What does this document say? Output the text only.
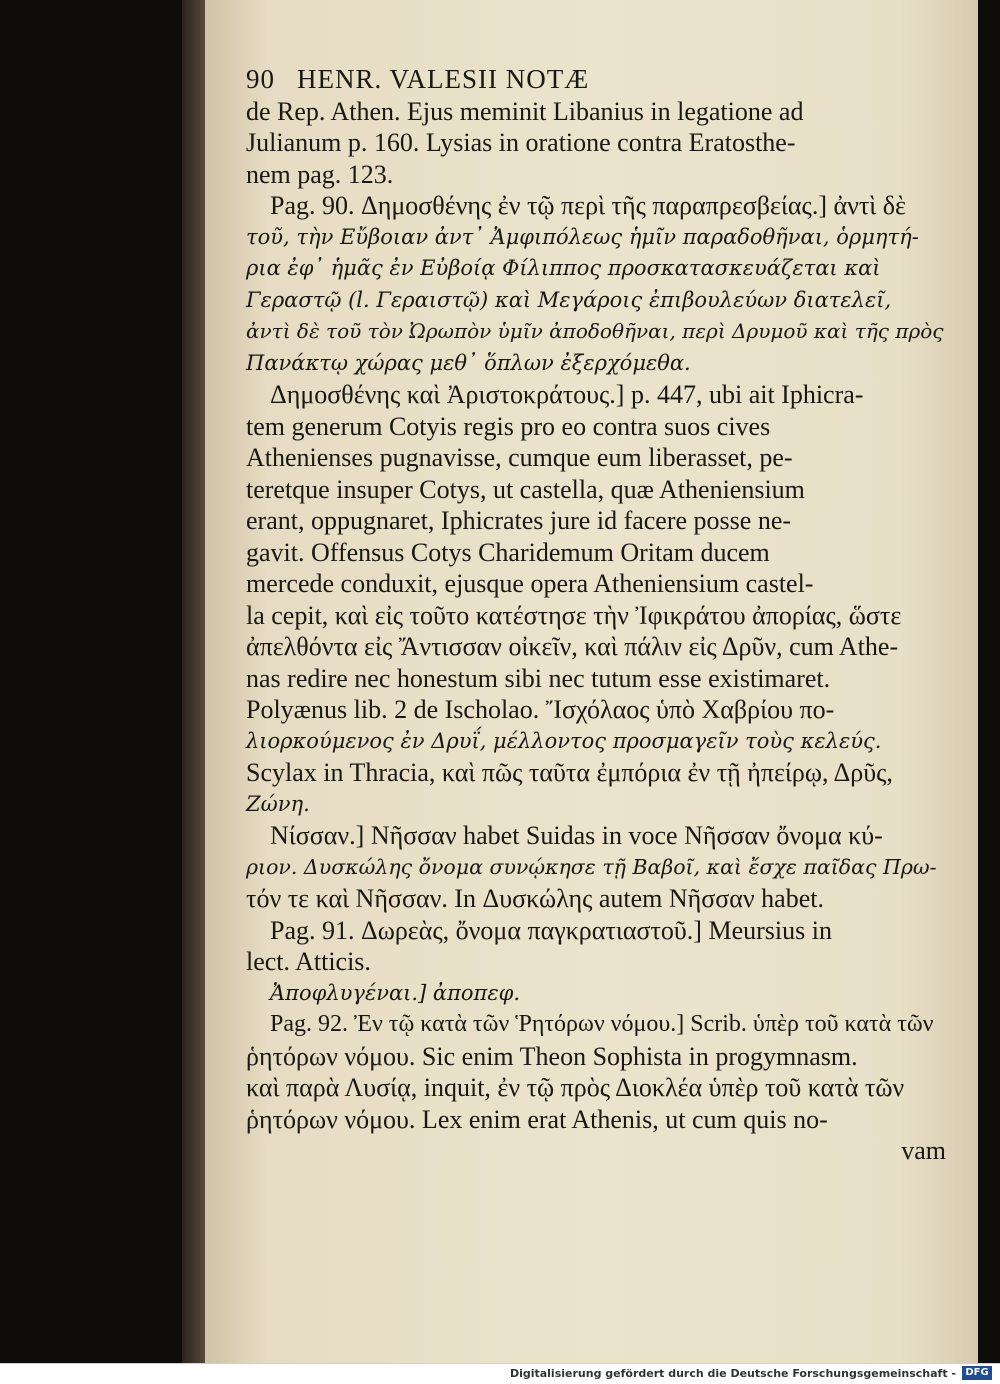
90 HENR. VALESII NOTÆ
de Rep. Athen. Ejus meminit Libanius in legatione ad
Julianum p. 160. Lysias in oratione contra Eratosthe-
nem pag. 123.
Pag. 90. Δημοσθένης ἐν τῷ περὶ τῆς παραπρεσβείας.] ἀντὶ δὲ
τοῦ, τὴν Εὔβοιαν ἀντ᾽ Ἀμφιπόλεως ἡμῖν παραδοθῆναι, ὁρμητή-
ρια ἐφ᾽ ἡμᾶς ἐν Εὐβοίᾳ Φίλιππος προσκατασκευάζεται καὶ
Γεραστῷ (l. Γεραιστῷ) καὶ Μεγάροις ἐπιβουλεύων διατελεῖ,
ἀντὶ δὲ τοῦ τὸν Ὠρωπὸν ὑμῖν ἀποδοθῆναι, περὶ Δρυμοῦ καὶ τῆς πρὸς
Πανάκτῳ χώρας μεθ᾽ ὅπλων ἐξερχόμεθα.
Δημοσθένης καὶ Ἀριστοκράτους.] p. 447, ubi ait Iphicra-
tem generum Cotyis regis pro eo contra suos cives
Athenienses pugnavisse, cumque eum liberasset, pe-
teretque insuper Cotys, ut castella, quæ Atheniensium
erant, oppugnaret, Iphicrates jure id facere posse ne-
gavit. Offensus Cotys Charidemum Oritam ducem
mercede conduxit, ejusque opera Atheniensium castel-
la cepit, καὶ εἰς τοῦτο κατέστησε τὴν Ἰφικράτου ἀπορίας, ὥστε
ἀπελθόντα εἰς Ἄντισσαν οἰκεῖν, καὶ πάλιν εἰς Δρῦν, cum Athe-
nas redire nec honestum sibi nec tutum esse existimaret.
Polyænus lib. 2 de Ischolao. Ἴσχόλαος ὑπὸ Χαβρίου πο-
λιορκούμενος ἐν Δρυΐ, μέλλοντος προσμαγεῖν τοὺς κελεύς.
Scylax in Thracia, καὶ πῶς ταῦτα ἐμπόρια ἐν τῇ ἠπείρῳ, Δρῦς,
Ζώνη.
Νίσσαν.] Νῆσσαν habet Suidas in voce Νῆσσαν ὄνομα κύ-
ριον. Δυσκώλης ὄνομα συνῴκησε τῇ Βαβοῖ, καὶ ἔσχε παῖδας Πρω-
τόν τε καὶ Νῆσσαν. In Δυσκώλης autem Νῆσσαν habet.
Pag. 91. Δωρεὰς, ὄνομα παγκρατιαστοῦ.] Meursius in
lect. Atticis.
Ἀποφλυγέναι.] ἀποπεφ.
Pag. 92. Ἐν τῷ κατὰ τῶν Ῥητόρων νόμου.] Scrib. ὑπὲρ τοῦ κατὰ τῶν
ῥητόρων νόμου. Sic enim Theon Sophista in progymnasm.
καὶ παρὰ Λυσίᾳ, inquit, ἐν τῷ πρὸς Διοκλέα ὑπὲρ τοῦ κατὰ τῶν
ῥητόρων νόμου. Lex enim erat Athenis, ut cum quis no-
vam
Digitalisierung gefördert durch die Deutsche Forschungsgemeinschaft - DFG
